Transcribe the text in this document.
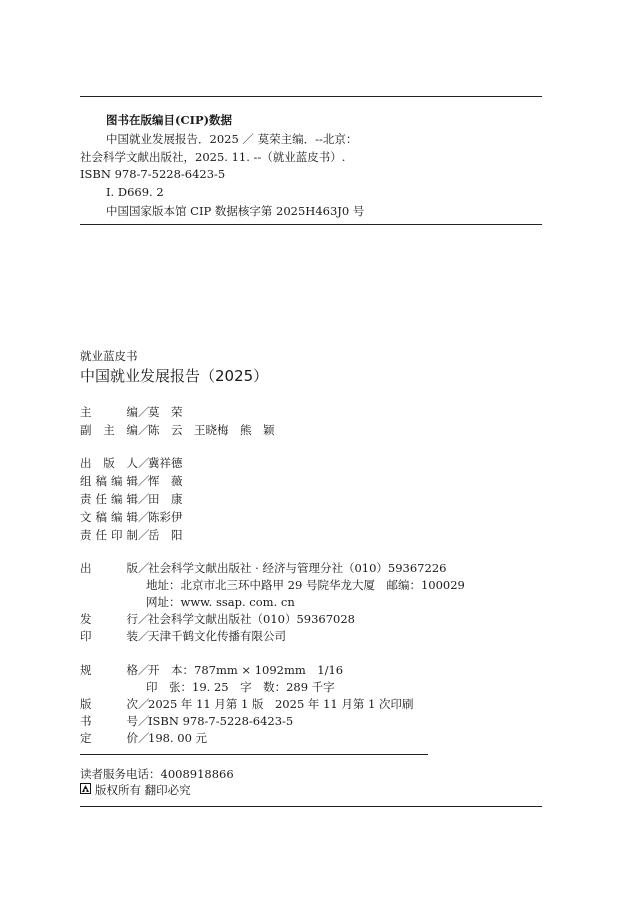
图书在版编目(CIP)数据
中国就业发展报告．2025 ／ 莫荣主编．--北京：
社会科学文献出版社，2025. 11. --（就业蓝皮书）.
ISBN 978-7-5228-6423-5
Ⅰ. D669. 2
中国国家版本馆 CIP 数据核字第 2025H463J0 号
就业蓝皮书
中国就业发展报告（2025）
主　编／莫　荣
副主编／陈　云　王晓梅　熊　颖
出版人／冀祥德
组稿编辑／恽　薇
责任编辑／田　康
文稿编辑／陈彩伊
责任印制／岳　阳
出　　版／社会科学文献出版社 · 经济与管理分社（010）59367226
地址：北京市北三环中路甲 29 号院华龙大厦　邮编：100029
网址：www. ssap. com. cn
发　　行／社会科学文献出版社（010）59367028
印　　装／天津千鹤文化传播有限公司
规　　格／开　本：787mm × 1092mm　1/16
印　张：19. 25　字　数：289 千字
版　　次／2025 年 11 月第 1 版　2025 年 11 月第 1 次印刷
书　　号／ISBN 978-7-5228-6423-5
定　　价／198. 00 元
读者服务电话：4008918866
版权所有 翻印必究
